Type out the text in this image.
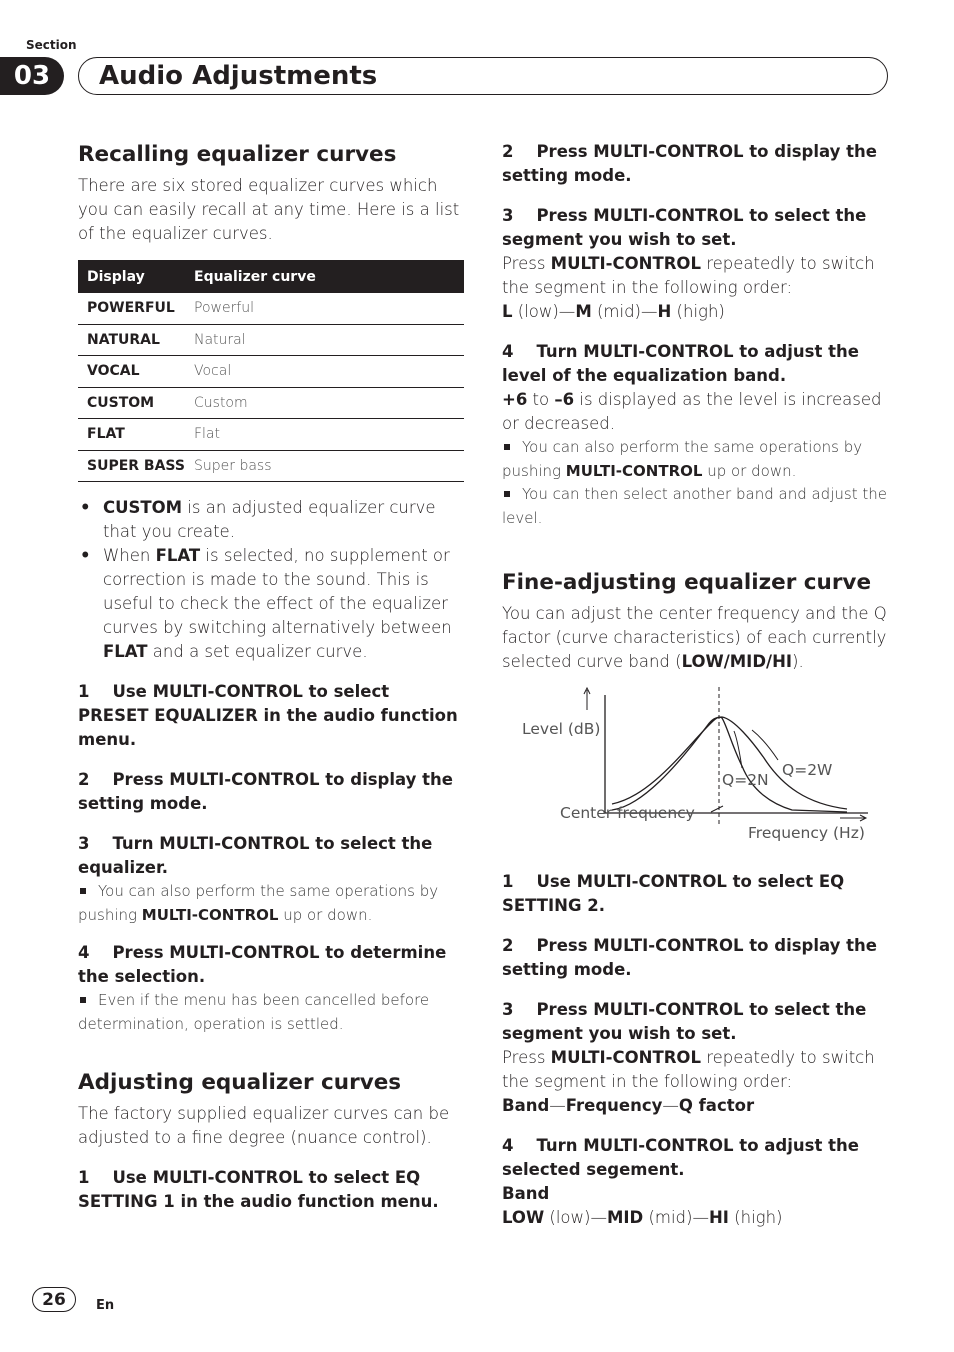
Section
03	Audio Adjustments
Recalling equalizer curves

There are six stored equalizer curves which you can easily recall at any time. Here is a list of the equalizer curves.

Display	Equalizer curve
POWERFUL	Powerful
NATURAL	Natural
VOCAL	Vocal
CUSTOM	Custom
FLAT	Flat
SUPER BASS	Super bass
• CUSTOM is an adjusted equalizer curve that you create.
• When FLAT is selected, no supplement or correction is made to the sound. This is useful to check the effect of the equalizer curves by switching alternatively between FLAT and a set equalizer curve.

1    Use MULTI-CONTROL to select PRESET EQUALIZER in the audio function menu.

2    Press MULTI-CONTROL to display the setting mode.

3    Turn MULTI-CONTROL to select the equalizer.

You can also perform the same operations by pushing MULTI-CONTROL up or down.

4    Press MULTI-CONTROL to determine the selection.

Even if the menu has been cancelled before determination, operation is settled.

Adjusting equalizer curves

The factory supplied equalizer curves can be adjusted to a fine degree (nuance control).

1    Use MULTI-CONTROL to select EQ SETTING 1 in the audio function menu.

2    Press MULTI-CONTROL to display the setting mode.

3    Press MULTI-CONTROL to select the segment you wish to set.

Press MULTI-CONTROL repeatedly to switch the segment in the following order:

L (low)—M (mid)—H (high)

4    Turn MULTI-CONTROL to adjust the level of the equalization band.

+6 to –6 is displayed as the level is increased or decreased.

You can also perform the same operations by pushing MULTI-CONTROL up or down.

You can then select another band and adjust the level.

Fine-adjusting equalizer curve

You can adjust the center frequency and the Q factor (curve characteristics) of each currently selected curve band (LOW/MID/HI).

Level (dB)
Q=2N
Q=2W
Center frequency
Frequency (Hz)

1    Use MULTI-CONTROL to select EQ SETTING 2.

2    Press MULTI-CONTROL to display the setting mode.

3    Press MULTI-CONTROL to select the segment you wish to set.

Press MULTI-CONTROL repeatedly to switch the segment in the following order:

Band—Frequency—Q factor

4    Turn MULTI-CONTROL to adjust the selected segement.

Band

LOW (low)—MID (mid)—HI (high)

26 En
